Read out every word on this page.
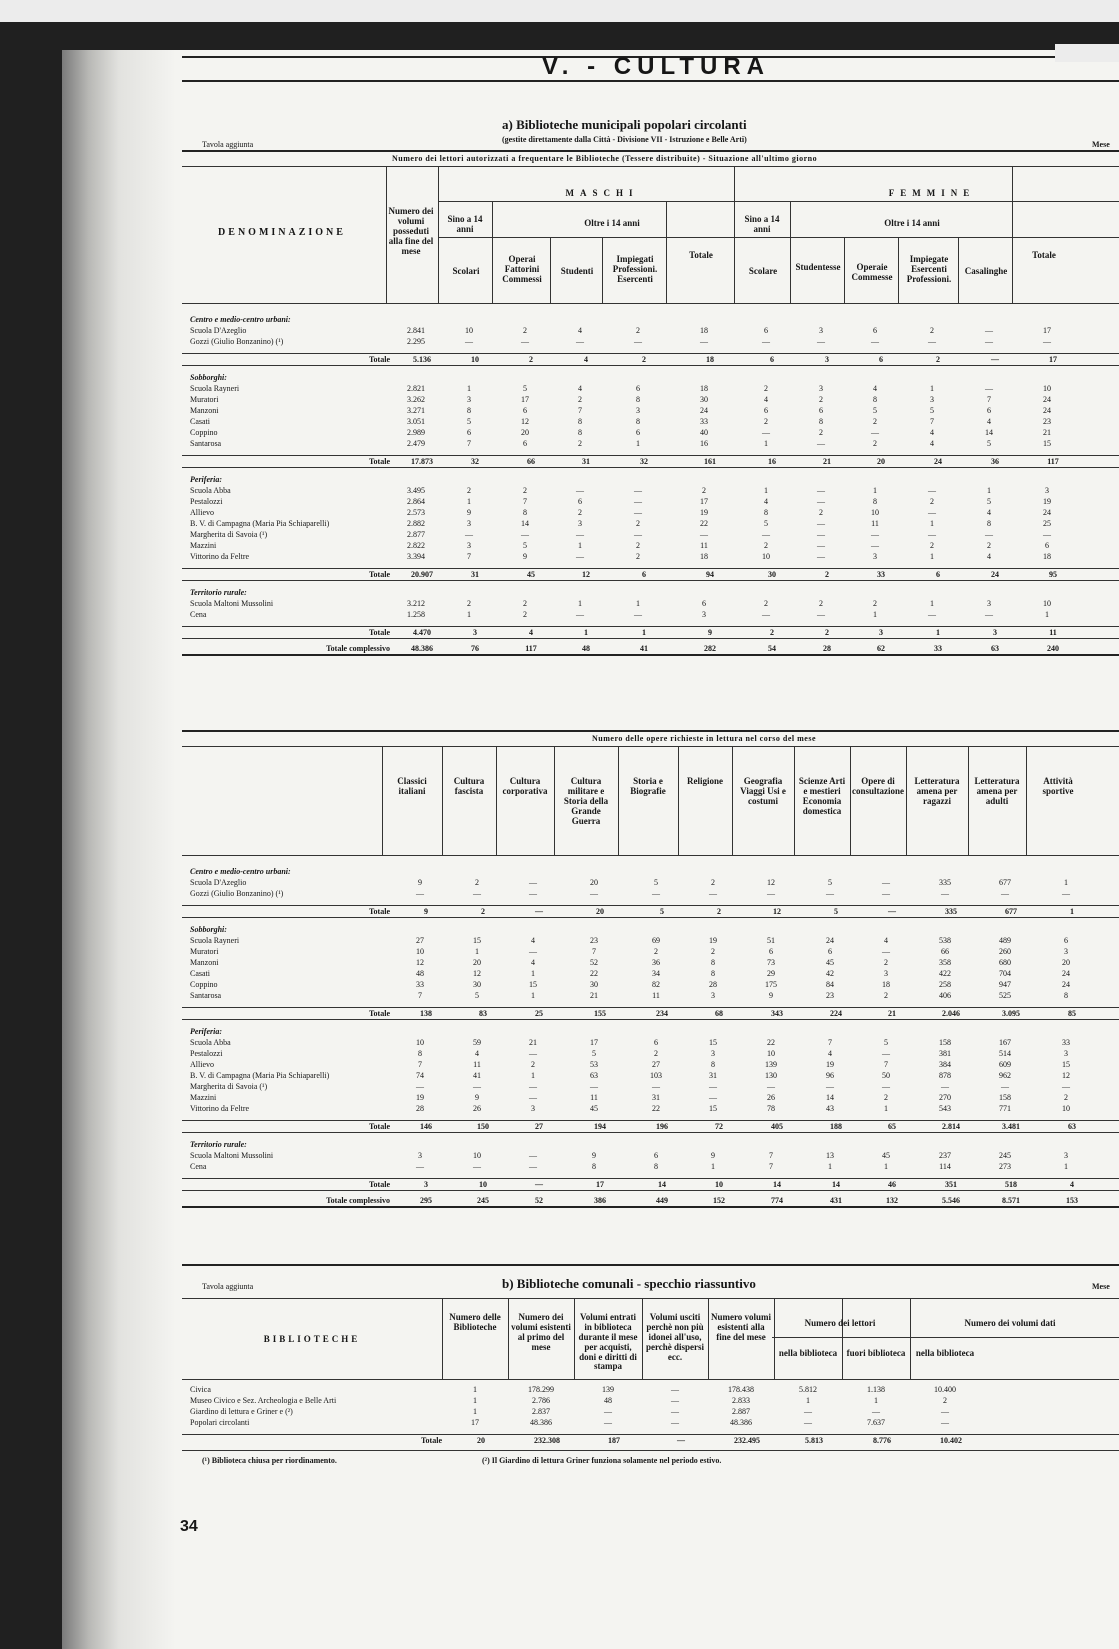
V. - CULTURA
Tavola aggiunta
a) Biblioteche municipali popolari circolanti
(gestite direttamente dalla Città - Divisione VII - Istruzione e Belle Arti)
Mese
Numero dei lettori autorizzati a frequentare le Biblioteche (Tessere distribuite) - Situazione all'ultimo giorno
DENOMINAZIONE
Numero dei volumi posseduti alla fine del mese
MASCHI
Sino a 14 anni
Oltre i 14 anni
Scolari
Operai Fattorini Commessi
Studenti
Impiegati Professioni. Esercenti
Totale
FEMMINE
Sino a 14 anni
Oltre i 14 anni
Scolare	Studentesse	Operaie Commesse
Impiegate Esercenti Professioni.
Casalinghe
Totale
Centro e medio-centro urbani:
Scuola D'Azeglio	2.841	10	2	4	2	18	6	3	6	2	—	17
Gozzi (Giulio Bonzanino) (¹)	2.295	—	—	—	—	—	—	—	—	—	—	—
Totale	5.136	10	2	4	2	18	6	3	6	2	—	17
Sobborghi:
Scuola Rayneri	2.821	1	5	4	6	18	2	3	4	1	—	10
Muratori	3.262	3	17	2	8	30	4	2	8	3	7	24
Manzoni	3.271	8	6	7	3	24	6	6	5	5	6	24
Casati	3.051	5	12	8	8	33	2	8	2	7	4	23
Coppino	2.989	6	20	8	6	40	—	2	—	4	14	21
Santarosa	2.479	7	6	2	1	16	1	—	2	4	5	15
Totale	17.873	32	66	31	32	161	16	21	20	24	36	117
Periferia:
Scuola Abba	3.495	2	2	—	—	2	1	—	1	—	1	3
Pestalozzi	2.864	1	7	6	—	17	4	—	8	2	5	19
Allievo	2.573	9	8	2	—	19	8	2	10	—	4	24
B. V. di Campagna (Maria Pia Schiaparelli)	2.882	3	14	3	2	22	5	—	11	1	8	25
Margherita di Savoia (¹)	2.877	—	—	—	—	—	—	—	—	—	—	—
Mazzini	2.822	3	5	1	2	11	2	—	—	2	2	6
Vittorino da Feltre	3.394	7	9	—	2	18	10	—	3	1	4	18
Totale	20.907	31	45	12	6	94	30	2	33	6	24	95
Territorio rurale:
Scuola Maltoni Mussolini	3.212	2	2	1	1	6	2	2	2	1	3	10
Cena	1.258	1	2	—	—	3	—	—	1	—	—	1
Totale	4.470	3	4	1	1	9	2	2	3	1	3	11
Totale complessivo	48.386	76	117	48	41	282	54	28	62	33	63	240
Numero delle opere richieste in lettura nel corso del mese
Classici italiani
Cultura fascista
Cultura corporativa
Cultura militare e Storia della Grande Guerra
Storia e Biografie
Religione	Geografia Viaggi Usi e costumi
Scienze Arti e mestieri Economia domestica
Opere di consultazione
Letteratura amena per ragazzi
Letteratura amena per adulti
Attività sportive
Centro e medio-centro urbani:
Scuola D'Azeglio	9	2	—	20	5	2	12	5	—	335	677	1
Gozzi (Giulio Bonzanino) (¹)	—	—	—	—	—	—	—	—	—	—	—	—
Totale	9	2	—	20	5	2	12	5	—	335	677	1
Sobborghi:
Scuola Rayneri	27	15	4	23	69	19	51	24	4	538	489	6
Muratori	10	1	—	7	2	2	6	6	—	66	260	3
Manzoni	12	20	4	52	36	8	73	45	2	358	680	20
Casati	48	12	1	22	34	8	29	42	3	422	704	24
Coppino	33	30	15	30	82	28	175	84	18	258	947	24
Santarosa	7	5	1	21	11	3	9	23	2	406	525	8
Totale	138	83	25	155	234	68	343	224	21	2.046	3.095	85
Periferia:
Scuola Abba	10	59	21	17	6	15	22	7	5	158	167	33
Pestalozzi	8	4	—	5	2	3	10	4	—	381	514	3
Allievo	7	11	2	53	27	8	139	19	7	384	609	15
B. V. di Campagna (Maria Pia Schiaparelli)	74	41	1	63	103	31	130	96	50	878	962	12
Margherita di Savoia (¹)	—	—	—	—	—	—	—	—	—	—	—	—
Mazzini	19	9	—	11	31	—	26	14	2	270	158	2
Vittorino da Feltre	28	26	3	45	22	15	78	43	1	543	771	10
Totale	146	150	27	194	196	72	405	188	65	2.814	3.481	63
Territorio rurale:
Scuola Maltoni Mussolini	3	10	—	9	6	9	7	13	45	237	245	3
Cena	—	—	—	8	8	1	7	1	1	114	273	1
Totale	3	10	—	17	14	10	14	14	46	351	518	4
Totale complessivo	295	245	52	386	449	152	774	431	132	5.546	8.571	153
Tavola aggiunta	b) Biblioteche comunali - specchio riassuntivo	Mese
BIBLIOTECHE
Numero delle Biblioteche
Numero dei volumi esistenti al primo del mese
Volumi entrati in biblioteca durante il mese per acquisti, doni e diritti di stampa
Volumi usciti perchè non più idonei all'uso, perchè dispersi ecc.
Numero volumi esistenti alla fine del mese
nella biblioteca	fuori biblioteca	nella biblioteca
Numero dei lettori	Numero dei volumi dati
Civica	1	178.299	139	—	178.438	5.812	1.138	10.400
Museo Civico e Sez. Archeologia e Belle Arti	1	2.786	48	—	2.833	1	1	2
Giardino di lettura e Griner e (²)	1	2.837	—	—	2.887	—	—	—
Popolari circolanti	17	48.386	—	—	48.386	—	7.637	—
Totale	20	232.308	187	—	232.495	5.813	8.776	10.402
(¹) Biblioteca chiusa per riordinamento.	(²) Il Giardino di lettura Griner funziona solamente nel periodo estivo.
34
